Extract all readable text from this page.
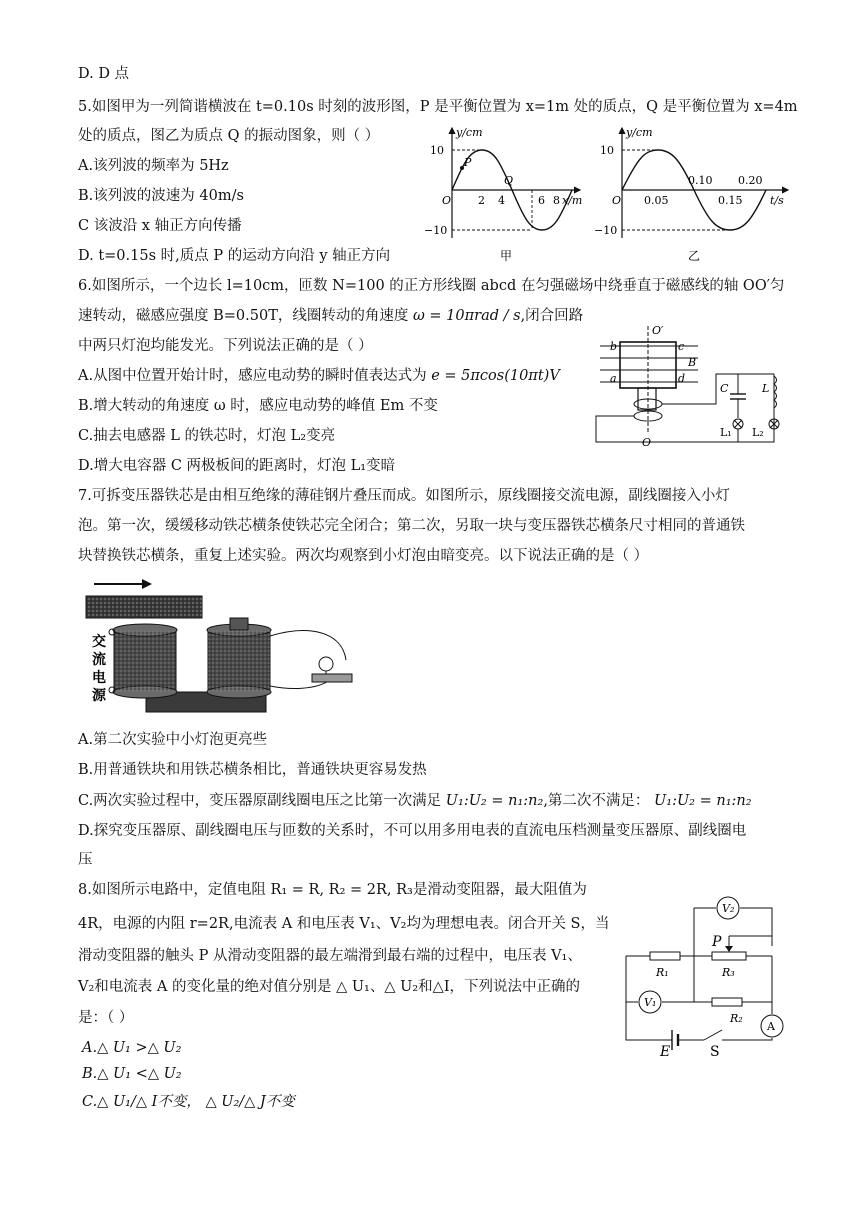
D. D 点
5.如图甲为一列简谐横波在 t=0.10s 时刻的波形图，P 是平衡位置为 x=1m 处的质点，Q 是平衡位置为 x=4m
处的质点，图乙为质点 Q 的振动图象，则（ ）
A.该列波的频率为 5Hz
B.该列波的波速为 40m/s
C 该波沿 x 轴正方向传播
D. t=0.15s 时,质点 P 的运动方向沿 y 轴正方向
y/cm
x/m
10
−10
O 2 4	6 8
P
Q
甲
y/cm
t/s
10
−10
O 0.05
0.10
0.15
0.20
乙
6.如图所示，一个边长 l=10cm，匝数 N=100 的正方形线圈 abcd 在匀强磁场中绕垂直于磁感线的轴 OO′匀
速转动，磁感应强度 B=0.50T，线圈转动的角速度 ω = 10πrad / s,闭合回路
中两只灯泡均能发光。下列说法正确的是（ ）
A.从图中位置开始计时，感应电动势的瞬时值表达式为 e = 5πcos(10πt)V
B.增大转动的角速度 ω 时，感应电动势的峰值 Em 不变
C.抽去电感器 L 的铁芯时，灯泡 L₂变亮
D.增大电容器 C 两极板间的距离时，灯泡 L₁变暗
O′
O
a
b	c
d
B
C	L
L₁ L₂
7.可拆变压器铁芯是由相互绝缘的薄硅钢片叠压而成。如图所示，原线圈接交流电源，副线圈接入小灯
泡。第一次，缓缓移动铁芯横条使铁芯完全闭合；第二次，另取一块与变压器铁芯横条尺寸相同的普通铁
块替换铁芯横条，重复上述实验。两次均观察到小灯泡由暗变亮。以下说法正确的是（ ）
交
流
电
源
A.第二次实验中小灯泡更亮些
B.用普通铁块和用铁芯横条相比，普通铁块更容易发热
C.两次实验过程中，变压器原副线圈电压之比第一次满足 U₁:U₂ = n₁:n₂,第二次不满足： U₁:U₂ = n₁:n₂
D.探究变压器原、副线圈电压与匝数的关系时，不可以用多用电表的直流电压档测量变压器原、副线圈电
压
8.如图所示电路中，定值电阻 R₁ = R, R₂ = 2R, R₃是滑动变阻器，最大阻值为
4R，电源的内阻 r=2R,电流表 A 和电压表 V₁、V₂均为理想电表。闭合开关 S，当
滑动变阻器的触头 P 从滑动变阻器的最左端滑到最右端的过程中，电压表 V₁、
V₂和电流表 A 的变化量的绝对值分别是 △ U₁、△ U₂和△I，下列说法中正确的
是：（ ）
A.△ U₁ >△ U₂
B.△ U₁ <△ U₂
C.△ U₁/△ I不变， △ U₂/△ J不变
V₂
V₁
A
P
R₁	R₃
R₂
E	S
